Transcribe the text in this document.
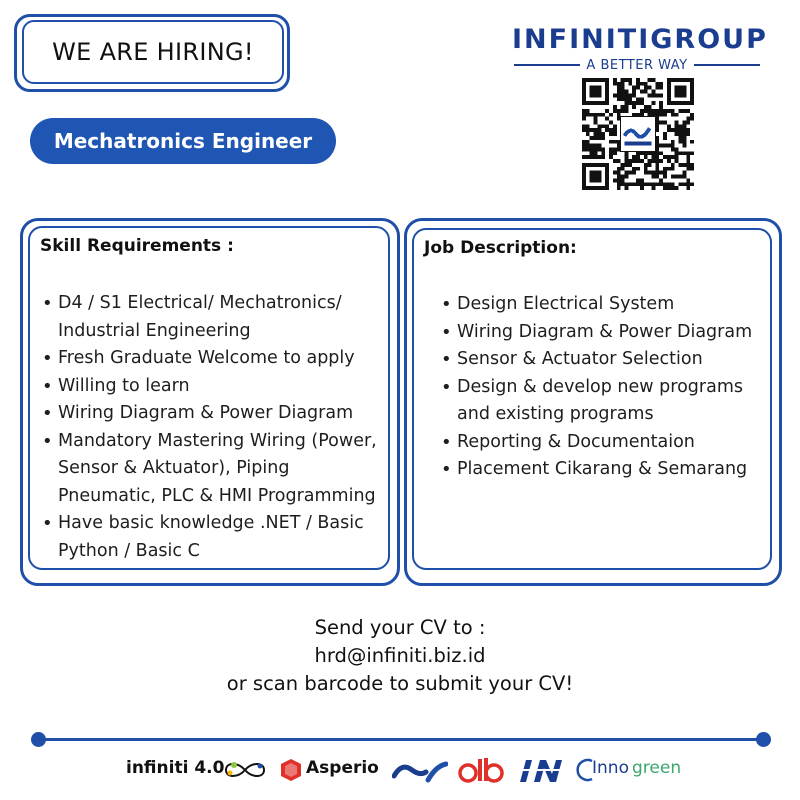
WE ARE HIRING!
Mechatronics Engineer
INFINITIGROUP
A BETTER WAY
Skill Requirements :
• D4 / S1 Electrical/ Mechatronics/
Industrial Engineering
• Fresh Graduate Welcome to apply
• Willing to learn
• Wiring Diagram & Power Diagram
• Mandatory Mastering Wiring (Power,
Sensor & Aktuator), Piping
Pneumatic, PLC & HMI Programming
• Have basic knowledge .NET / Basic
Python / Basic C
Job Description:
• Design Electrical System
• Wiring Diagram & Power Diagram
• Sensor & Actuator Selection
• Design & develop new programs
and existing programs
• Reporting & Documentaion
• Placement Cikarang & Semarang
Send your CV to :
hrd@infiniti.biz.id
or scan barcode to submit your CV!
infiniti 4.0	Asperio	Inno green
